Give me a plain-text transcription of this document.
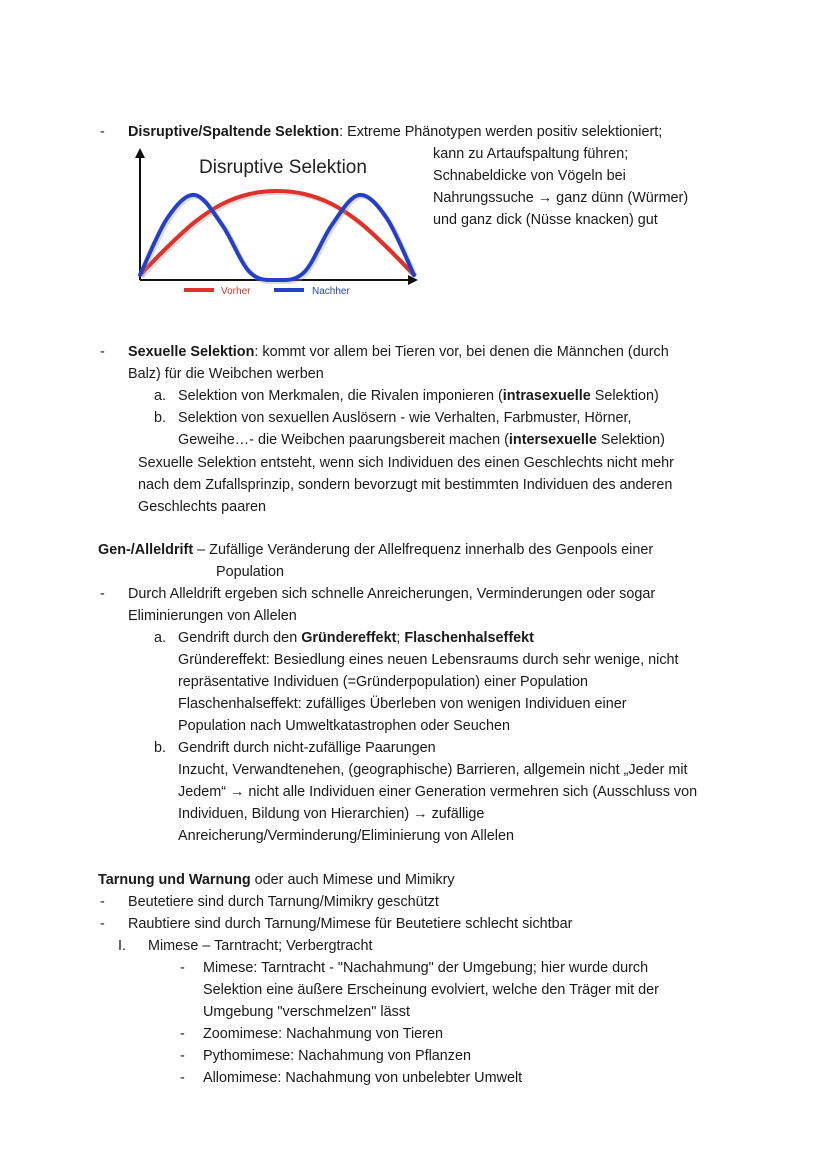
- Disruptive/Spaltende Selektion: Extreme Phänotypen werden positiv selektioniert;
kann zu Artaufspaltung führen;
Schnabeldicke von Vögeln bei
Nahrungssuche → ganz dünn (Würmer)
und ganz dick (Nüsse knacken) gut
Disruptive Selektion
Vorher	Nachher
- Sexuelle Selektion: kommt vor allem bei Tieren vor, bei denen die Männchen (durch
Balz) für die Weibchen werben
a. Selektion von Merkmalen, die Rivalen imponieren (intrasexuelle Selektion)
b. Selektion von sexuellen Auslösern - wie Verhalten, Farbmuster, Hörner,
Geweihe…- die Weibchen paarungsbereit machen (intersexuelle Selektion)
Sexuelle Selektion entsteht, wenn sich Individuen des einen Geschlechts nicht mehr
nach dem Zufallsprinzip, sondern bevorzugt mit bestimmten Individuen des anderen
Geschlechts paaren
Gen-/Alleldrift – Zufällige Veränderung der Allelfrequenz innerhalb des Genpools einer
Population
- Durch Alleldrift ergeben sich schnelle Anreicherungen, Verminderungen oder sogar
Eliminierungen von Allelen
a. Gendrift durch den Gründereffekt; Flaschenhalseffekt
Gründereffekt: Besiedlung eines neuen Lebensraums durch sehr wenige, nicht
repräsentative Individuen (=Gründerpopulation) einer Population
Flaschenhalseffekt: zufälliges Überleben von wenigen Individuen einer
Population nach Umweltkatastrophen oder Seuchen
b. Gendrift durch nicht-zufällige Paarungen
Inzucht, Verwandtenehen, (geographische) Barrieren, allgemein nicht „Jeder mit
Jedem“ → nicht alle Individuen einer Generation vermehren sich (Ausschluss von
Individuen, Bildung von Hierarchien) → zufällige
Anreicherung/Verminderung/Eliminierung von Allelen
Tarnung und Warnung oder auch Mimese und Mimikry
- Beutetiere sind durch Tarnung/Mimikry geschützt
- Raubtiere sind durch Tarnung/Mimese für Beutetiere schlecht sichtbar
I. Mimese – Tarntracht; Verbergtracht
- Mimese: Tarntracht - "Nachahmung" der Umgebung; hier wurde durch
Selektion eine äußere Erscheinung evolviert, welche den Träger mit der
Umgebung "verschmelzen" lässt
- Zoomimese: Nachahmung von Tieren
- Pythomimese: Nachahmung von Pflanzen
- Allomimese: Nachahmung von unbelebter Umwelt
